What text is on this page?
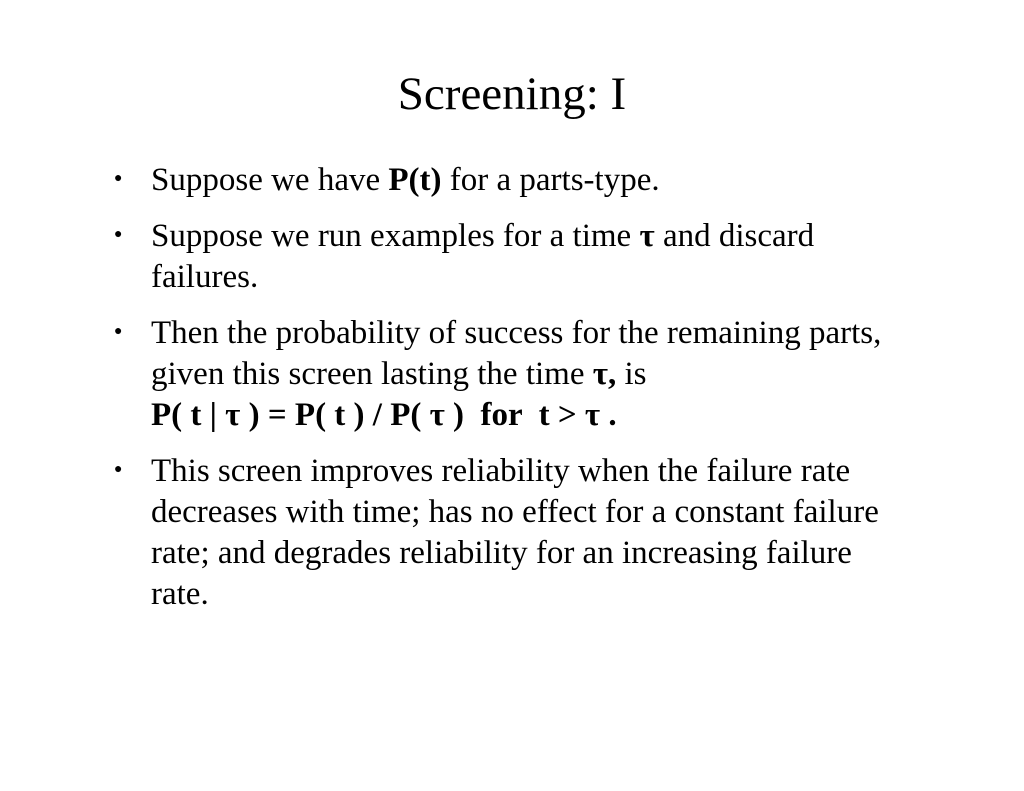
Screening: I
● Suppose we have P(t) for a parts-type.
● Suppose we run examples for a time τ and discard failures.
● Then the probability of success for the remaining parts, given this screen lasting the time τ, is
P( t | τ ) = P( t ) / P( τ )  for  t > τ .
● This screen improves reliability when the failure rate decreases with time; has no effect for a constant failure rate; and degrades reliability for an increasing failure rate.
